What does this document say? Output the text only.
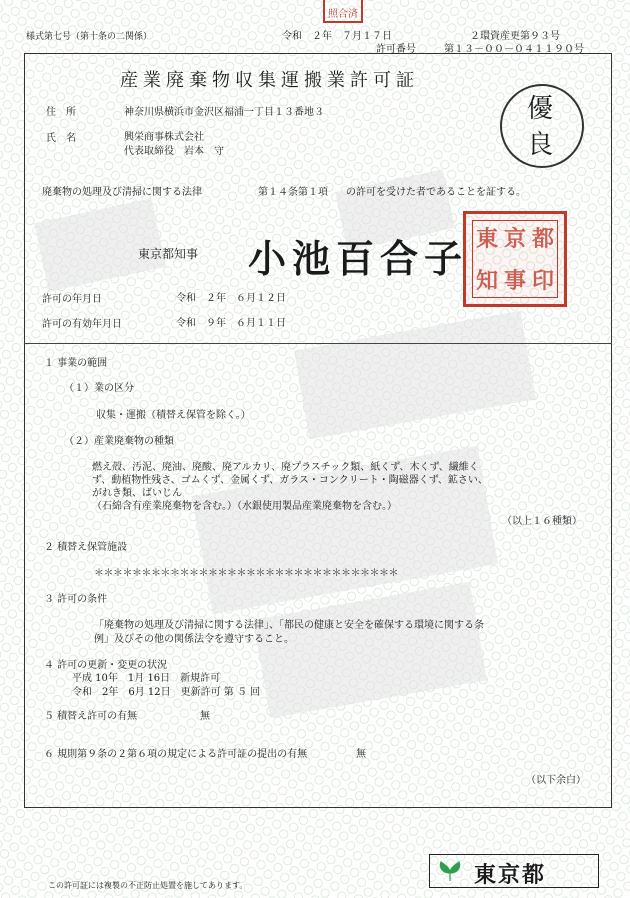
照合済
様式第七号（第十条の二関係）	令和　２年　７月１７日	２環資産更第９３号
許可番号	第１３－００－０４１１９０号
産業廃棄物収集運搬業許可証
優
良
住　所	神奈川県横浜市金沢区福浦一丁目１３番地３
氏　名	興栄商事株式会社
代表取締役　岩本　守
廃棄物の処理及び清掃に関する法律	第１４条第１項 の許可を受けた者であることを証する。
東京都知事 小池百合子 東 京 都
知 事 印
許可の年月日	令和　２年　６月１２日
許可の有効年月日	令和　９年　６月１１日
１ 事業の範囲
（１）業の区分
収集・運搬（積替え保管を除く。）
（２）産業廃棄物の種類
燃え殻、汚泥、廃油、廃酸、廃アルカリ、廃プラスチック類、紙くず、木くず、繊維く
ず、動植物性残さ、ゴムくず、金属くず、ガラス・コンクリート・陶磁器くず、鉱さい、
がれき類、ばいじん
（石綿含有産業廃棄物を含む。）（水銀使用製品産業廃棄物を含む。）
（以上１６種類）
２ 積替え保管施設
＊＊＊＊＊＊＊＊＊＊＊＊＊＊＊＊＊＊＊＊＊＊＊＊＊＊＊＊＊＊＊＊
３ 許可の条件
「廃棄物の処理及び清掃に関する法律」、「都民の健康と安全を確保する環境に関する条
例」及びその他の関係法令を遵守すること。
４ 許可の更新・変更の状況
平成 10年　1月 16日　新規許可
令和　2年　6月 12日　更新許可 第 ５ 回
５ 積替え許可の有無	無
６ 規則第９条の２第６項の規定による許可証の提出の有無	無
（以下余白）
この許可証には複製の不正防止処置を施してあります。	東京都
